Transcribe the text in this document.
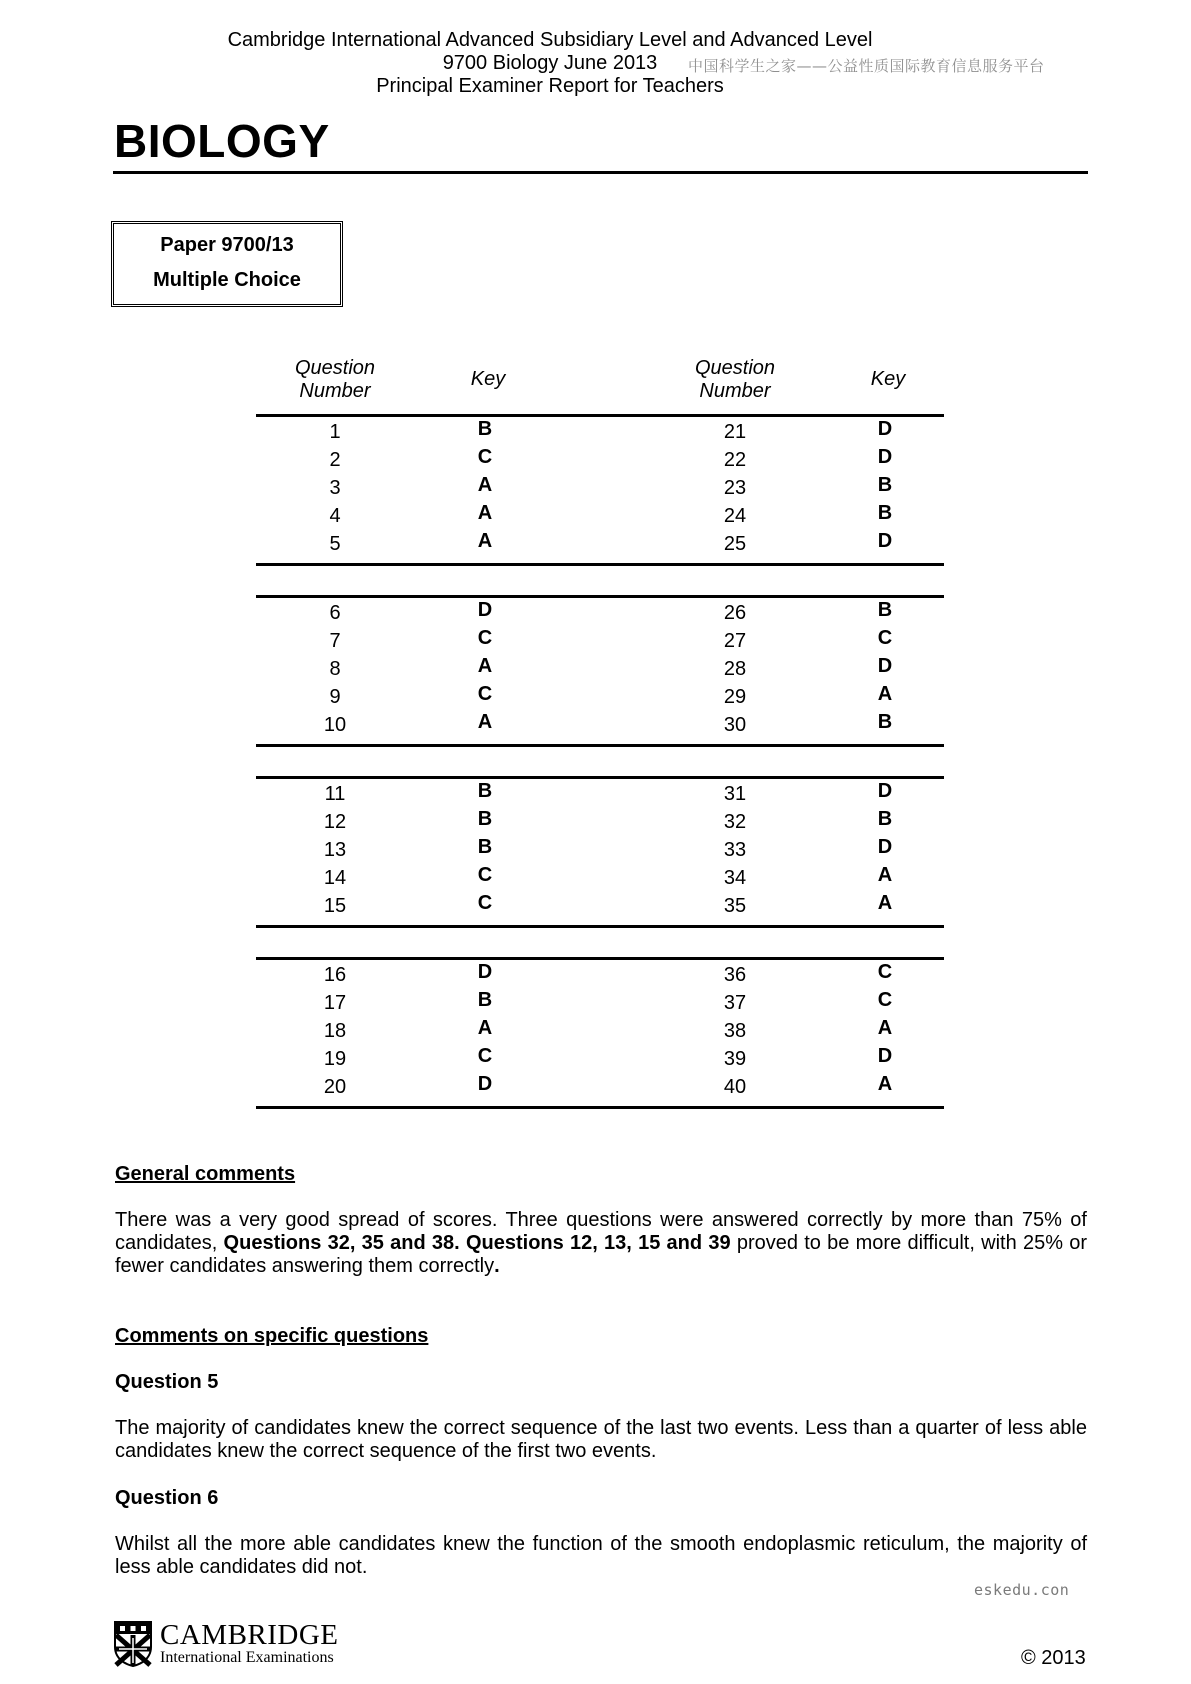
Cambridge International Advanced Subsidiary Level and Advanced Level
9700 Biology June 2013	中国科学生之家——公益性质国际教育信息服务平台
Principal Examiner Report for Teachers
BIOLOGY
Paper 9700/13
Multiple Choice
Question
Number
Key	Question
Number
Key
1	B	21	D
2	C	22	D
3	A	23	B
4	A	24	B
5	A	25	D
6	D	26	B
7	C	27	C
8	A	28	D
9	C	29	A
10	A	30	B
11	B	31	D
12	B	32	B
13	B	33	D
14	C	34	A
15	C	35	A
16	D	36	C
17	B	37	C
18	A	38	A
19	C	39	D
20	D	40	A
General comments
There was a very good spread of scores. Three questions were answered correctly by more than 75% of candidates, Questions 32, 35 and 38. Questions 12, 13, 15 and 39 proved to be more difficult, with 25% or fewer candidates answering them correctly.
Comments on specific questions
Question 5
The majority of candidates knew the correct sequence of the last two events. Less than a quarter of less able candidates knew the correct sequence of the first two events.
Question 6
Whilst all the more able candidates knew the function of the smooth endoplasmic reticulum, the majority of less able candidates did not.
eskedu.con
CAMBRIDGE
International Examinations	© 2013
